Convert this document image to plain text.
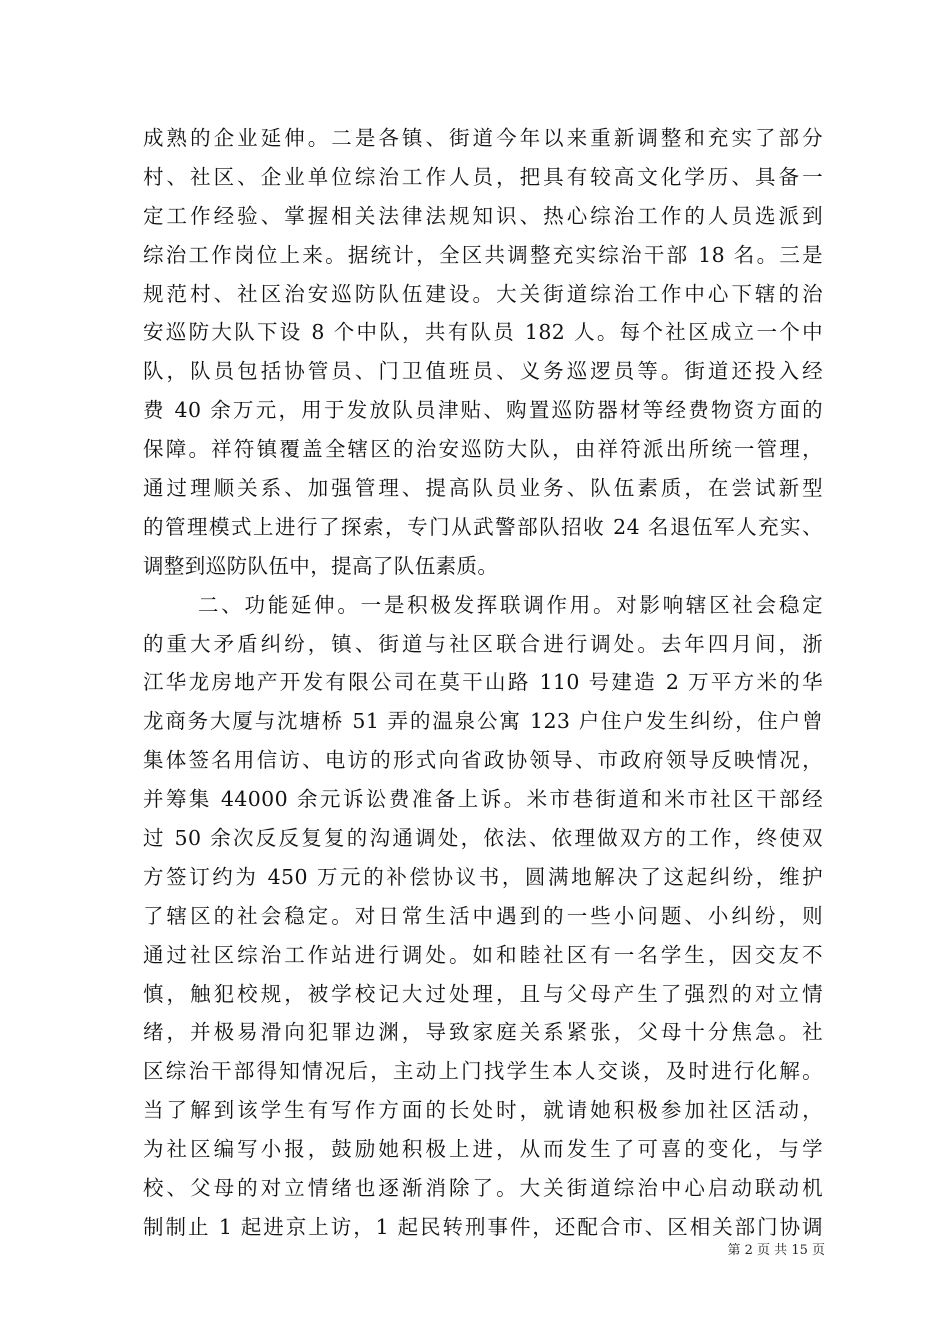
成熟的企业延伸。二是各镇、街道今年以来重新调整和充实了部分
村、社区、企业单位综治工作人员，把具有较高文化学历、具备一
定工作经验、掌握相关法律法规知识、热心综治工作的人员选派到
综治工作岗位上来。据统计，全区共调整充实综治干部 18 名。三是
规范村、社区治安巡防队伍建设。大关街道综治工作中心下辖的治
安巡防大队下设 8 个中队，共有队员 182 人。每个社区成立一个中
队，队员包括协管员、门卫值班员、义务巡逻员等。街道还投入经
费 40 余万元，用于发放队员津贴、购置巡防器材等经费物资方面的
保障。祥符镇覆盖全辖区的治安巡防大队，由祥符派出所统一管理，
通过理顺关系、加强管理、提高队员业务、队伍素质，在尝试新型
的管理模式上进行了探索，专门从武警部队招收 24 名退伍军人充实、
调整到巡防队伍中，提高了队伍素质。
二、功能延伸。一是积极发挥联调作用。对影响辖区社会稳定
的重大矛盾纠纷，镇、街道与社区联合进行调处。去年四月间，浙
江华龙房地产开发有限公司在莫干山路 110 号建造 2 万平方米的华
龙商务大厦与沈塘桥 51 弄的温泉公寓 123 户住户发生纠纷，住户曾
集体签名用信访、电访的形式向省政协领导、市政府领导反映情况，
并筹集 44000 余元诉讼费准备上诉。米市巷街道和米市社区干部经
过 50 余次反反复复的沟通调处，依法、依理做双方的工作，终使双
方签订约为 450 万元的补偿协议书，圆满地解决了这起纠纷，维护
了辖区的社会稳定。对日常生活中遇到的一些小问题、小纠纷，则
通过社区综治工作站进行调处。如和睦社区有一名学生，因交友不
慎，触犯校规，被学校记大过处理，且与父母产生了强烈的对立情
绪，并极易滑向犯罪边渊，导致家庭关系紧张，父母十分焦急。社
区综治干部得知情况后，主动上门找学生本人交谈，及时进行化解。
当了解到该学生有写作方面的长处时，就请她积极参加社区活动，
为社区编写小报，鼓励她积极上进，从而发生了可喜的变化，与学
校、父母的对立情绪也逐渐消除了。大关街道综治中心启动联动机
制制止 1 起进京上访，1 起民转刑事件，还配合市、区相关部门协调
第 2 页 共 15 页
